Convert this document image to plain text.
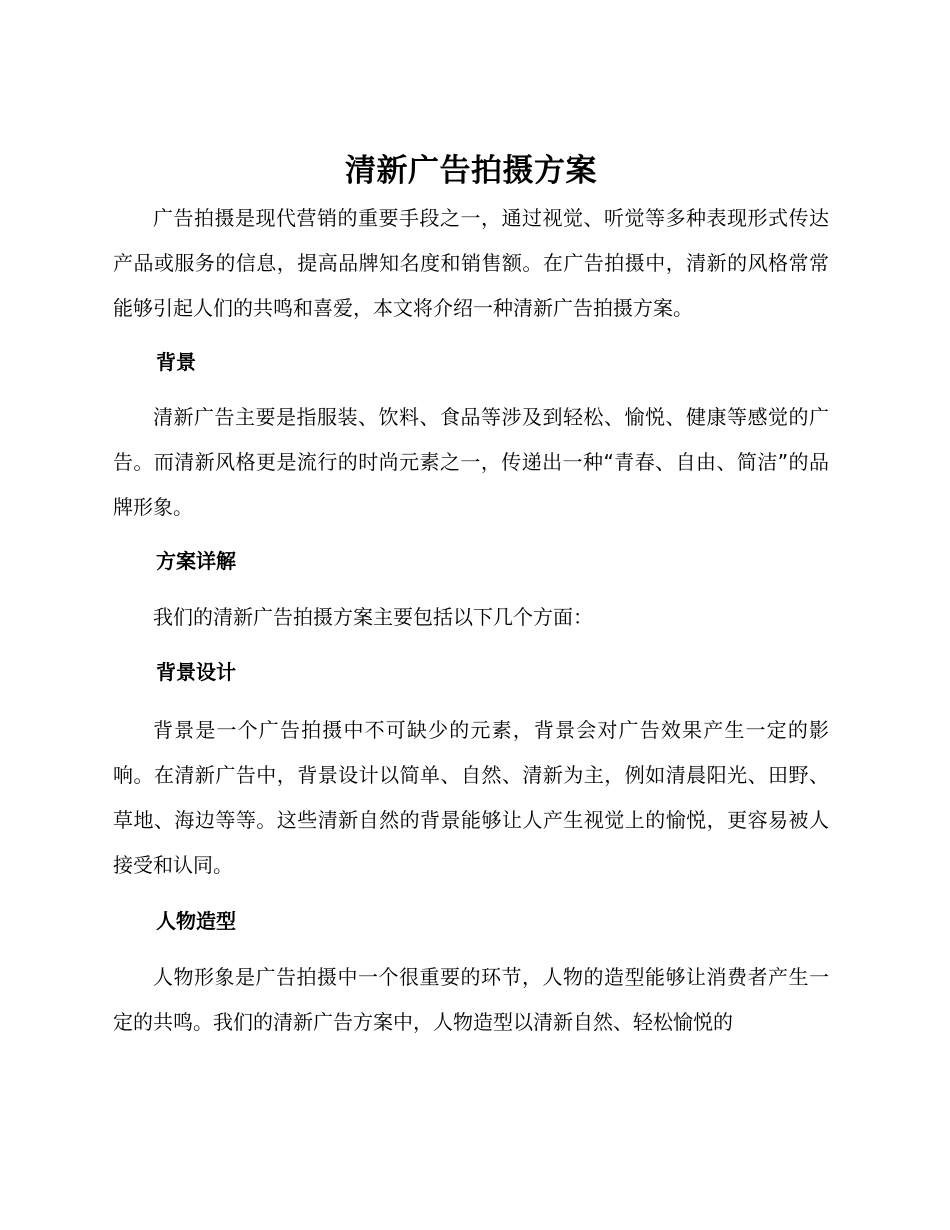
清新广告拍摄方案

广告拍摄是现代营销的重要手段之一，通过视觉、听觉等多种表现形式传达产品或服务的信息，提高品牌知名度和销售额。在广告拍摄中，清新的风格常常能够引起人们的共鸣和喜爱，本文将介绍一种清新广告拍摄方案。

背景

清新广告主要是指服装、饮料、食品等涉及到轻松、愉悦、健康等感觉的广告。而清新风格更是流行的时尚元素之一，传递出一种“青春、自由、简洁”的品牌形象。

方案详解

我们的清新广告拍摄方案主要包括以下几个方面：

背景设计

背景是一个广告拍摄中不可缺少的元素，背景会对广告效果产生一定的影响。在清新广告中，背景设计以简单、自然、清新为主，例如清晨阳光、田野、草地、海边等等。这些清新自然的背景能够让人产生视觉上的愉悦，更容易被人接受和认同。

人物造型

人物形象是广告拍摄中一个很重要的环节，人物的造型能够让消费者产生一定的共鸣。我们的清新广告方案中，人物造型以清新自然、轻松愉悦的
